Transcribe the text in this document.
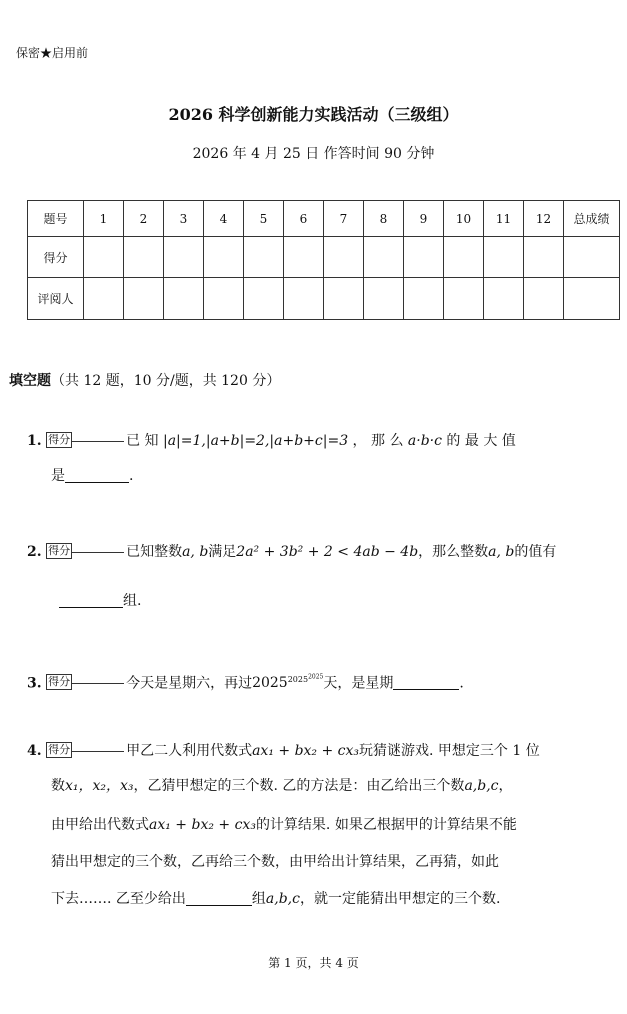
保密★启用前
2026 科学创新能力实践活动（三级组）
2026 年 4 月 25 日 作答时间 90 分钟
题号	1	2	3	4	5	6	7	8	9	10	11	12	总成绩
得分													
评阅人													
填空题（共 12 题，10 分/题，共 120 分）
1. 得分	已 知 |a|=1,|a+b|=2,|a+b+c|=3 ， 那 么 a·b·c 的 最 大 值
是	.
2. 得分	已知整数a, b满足2a² + 3b² + 2 < 4ab − 4b，那么整数a, b的值有
组.
3. 得分	今天是星期六，再过$2025^{2025^{2025}}$天，是星期	.
4. 得分	甲乙二人利用代数式ax₁ + bx₂ + cx₃玩猜谜游戏. 甲想定三个 1 位
数x₁，x₂，x₃，乙猜甲想定的三个数. 乙的方法是：由乙给出三个数a,b,c，
由甲给出代数式ax₁ + bx₂ + cx₃的计算结果. 如果乙根据甲的计算结果不能
猜出甲想定的三个数，乙再给三个数，由甲给出计算结果，乙再猜，如此
下去……. 乙至少给出	组a,b,c，就一定能猜出甲想定的三个数.
第 1 页，共 4 页
